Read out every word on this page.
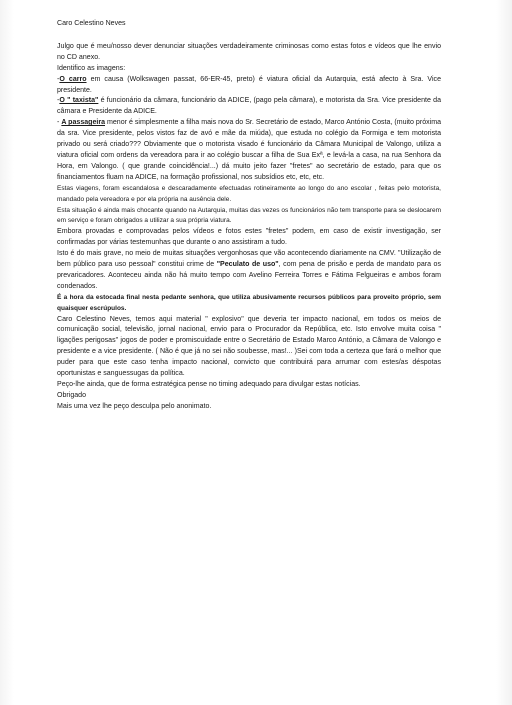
Caro Celestino Neves

Julgo que é meu/nosso dever denunciar situações verdadeiramente criminosas como estas fotos e vídeos que lhe envio no CD anexo.

Identifico as imagens:

-O carro em causa (Wolkswagen passat, 66-ER-45, preto) é viatura oficial da Autarquia, está afecto à Sra. Vice presidente.

-O " taxista" é funcionário da câmara, funcionário da ADICE, (pago pela câmara), e motorista da Sra. Vice presidente da câmara e Presidente da ADICE.

- A passageira menor é simplesmente a filha mais nova do Sr. Secretário de estado, Marco António Costa, (muito próxima da sra. Vice presidente, pelos vistos faz de avó e mãe da miúda), que estuda no colégio da Formiga e tem motorista privado ou será criado??? Obviamente que o motorista visado é funcionário da Câmara Municipal de Valongo, utiliza a viatura oficial com ordens da vereadora para ir ao colégio buscar a filha de Sua Exª, e levá-la a casa, na rua Senhora da Hora, em Valongo. ( que grande coincidência!...) dá muito jeito fazer "fretes" ao secretário de estado, para que os financiamentos fluam na ADICE, na formação profissional, nos subsídios etc, etc, etc.

Estas viagens, foram escandalosa e descaradamente efectuadas rotineiramente ao longo do ano escolar , feitas pelo motorista, mandado pela vereadora e por ela própria na ausência dele.

Esta situação é ainda mais chocante quando na Autarquia, muitas das vezes os funcionários não tem transporte para se deslocarem em serviço e foram obrigados a utilizar a sua própria viatura.

Embora provadas e comprovadas pelos vídeos e fotos estes "fretes" podem, em caso de existir investigação, ser confirmadas por várias testemunhas que durante o ano assistiram a tudo.

Isto é do mais grave, no meio de muitas situações vergonhosas que vão acontecendo diariamente na CMV. "Utilização de bem público para uso pessoal" constitui crime de "Peculato de uso", com pena de prisão e perda de mandato para os prevaricadores. Aconteceu ainda não há muito tempo com Avelino Ferreira Torres e Fátima Felgueiras e ambos foram condenados.

É a hora da estocada final nesta pedante senhora, que utiliza abusivamente recursos públicos para proveito próprio, sem quaisquer escrúpulos.

Caro Celestino Neves, temos aqui material " explosivo" que deveria ter impacto nacional, em todos os meios de comunicação social, televisão, jornal nacional, envio para o Procurador da República, etc. Isto envolve muita coisa " ligações perigosas" jogos de poder e promiscuidade entre o Secretário de Estado Marco António, a Câmara de Valongo e presidente e a vice presidente. ( Não é que já no sei não soubesse, mas!... )Sei com toda a certeza que fará o melhor que puder para que este caso tenha impacto nacional, convicto que contribuirá para arrumar com estes/as déspotas oportunistas e sanguessugas da política.

Peço-lhe ainda, que de forma estratégica pense no timing adequado para divulgar estas notícias.

Obrigado

Mais uma vez lhe peço desculpa pelo anonimato.
